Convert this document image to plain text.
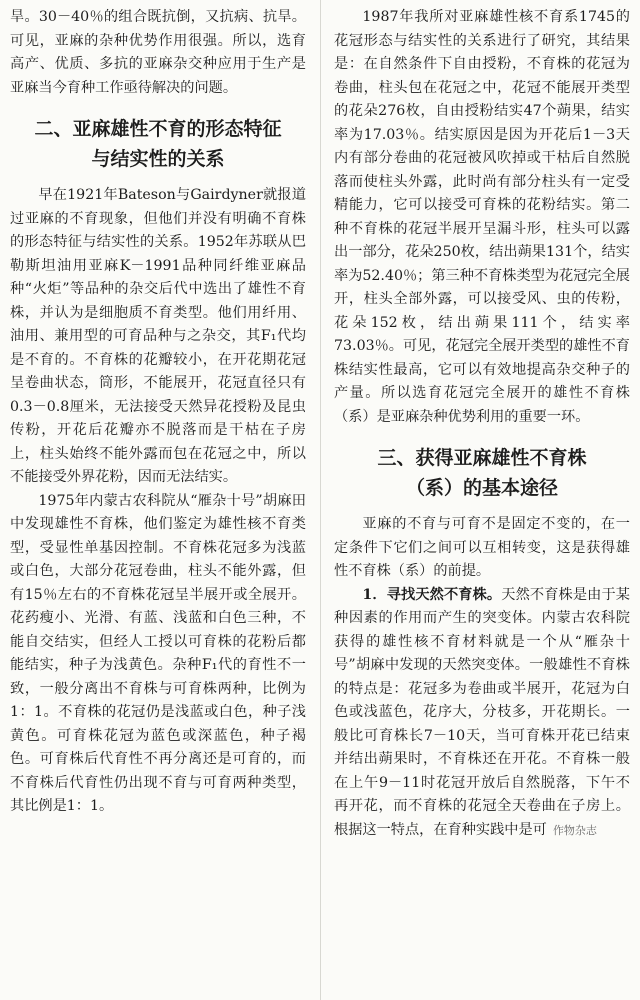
旱。30－40％的组合既抗倒，又抗病、抗旱。可见，亚麻的杂种优势作用很强。所以，选育高产、优质、多抗的亚麻杂交种应用于生产是亚麻当今育种工作亟待解决的问题。

二、亚麻雄性不育的形态特征
与结实性的关系

早在1921年Bateson与Gairdyner就报道过亚麻的不育现象，但他们并没有明确不育株的形态特征与结实性的关系。1952年苏联从巴勒斯坦油用亚麻K－1991品种同纤维亚麻品种“火炬”等品种的杂交后代中选出了雄性不育株，并认为是细胞质不育类型。他们用纤用、油用、兼用型的可育品种与之杂交，其F₁代均是不育的。不育株的花瓣较小，在开花期花冠呈卷曲状态，筒形，不能展开，花冠直径只有0.3－0.8厘米，无法接受天然异花授粉及昆虫传粉，开花后花瓣亦不脱落而是干枯在子房上，柱头始终不能外露而包在花冠之中，所以不能接受外界花粉，因而无法结实。

1975年内蒙古农科院从“雁杂十号”胡麻田中发现雄性不育株，他们鉴定为雄性核不育类型，受显性单基因控制。不育株花冠多为浅蓝或白色，大部分花冠卷曲，柱头不能外露，但有15％左右的不育株花冠呈半展开或全展开。花药瘦小、光滑、有蓝、浅蓝和白色三种，不能自交结实，但经人工授以可育株的花粉后都能结实，种子为浅黄色。杂种F₁代的育性不一致，一般分离出不育株与可育株两种，比例为1：1。不育株的花冠仍是浅蓝或白色，种子浅黄色。可育株花冠为蓝色或深蓝色，种子褐色。可育株后代育性不再分离还是可育的，而不育株后代育性仍出现不育与可育两种类型，其比例是1：1。

1987年我所对亚麻雄性核不育系1745的花冠形态与结实性的关系进行了研究，其结果是：在自然条件下自由授粉，不育株的花冠为卷曲，柱头包在花冠之中，花冠不能展开类型的花朵276枚，自由授粉结实47个蒴果，结实率为17.03％。结实原因是因为开花后1－3天内有部分卷曲的花冠被风吹掉或干枯后自然脱落而使柱头外露，此时尚有部分柱头有一定受精能力，它可以接受可育株的花粉结实。第二种不育株的花冠半展开呈漏斗形，柱头可以露出一部分，花朵250枚，结出蒴果131个，结实率为52.40％；第三种不育株类型为花冠完全展开，柱头全部外露，可以接受风、虫的传粉，花朵152枚，结出蒴果111个，结实率73.03％。可见，花冠完全展开类型的雄性不育株结实性最高，它可以有效地提高杂交种子的产量。所以选育花冠完全展开的雄性不育株（系）是亚麻杂种优势利用的重要一环。

三、获得亚麻雄性不育株
（系）的基本途径

亚麻的不育与可育不是固定不变的，在一定条件下它们之间可以互相转变，这是获得雄性不育株（系）的前提。

1．寻找天然不育株。天然不育株是由于某种因素的作用而产生的突变体。内蒙古农科院获得的雄性核不育材料就是一个从“雁杂十号”胡麻中发现的天然突变体。一般雄性不育株的特点是：花冠多为卷曲或半展开，花冠为白色或浅蓝色，花序大，分枝多，开花期长。一般比可育株长7－10天，当可育株开花已结束并结出蒴果时，不育株还在开花。不育株一般在上午9－11时花冠开放后自然脱落，下午不再开花，而不育株的花冠全天卷曲在子房上。根据这一特点，在育种实践中是可 作物杂志
